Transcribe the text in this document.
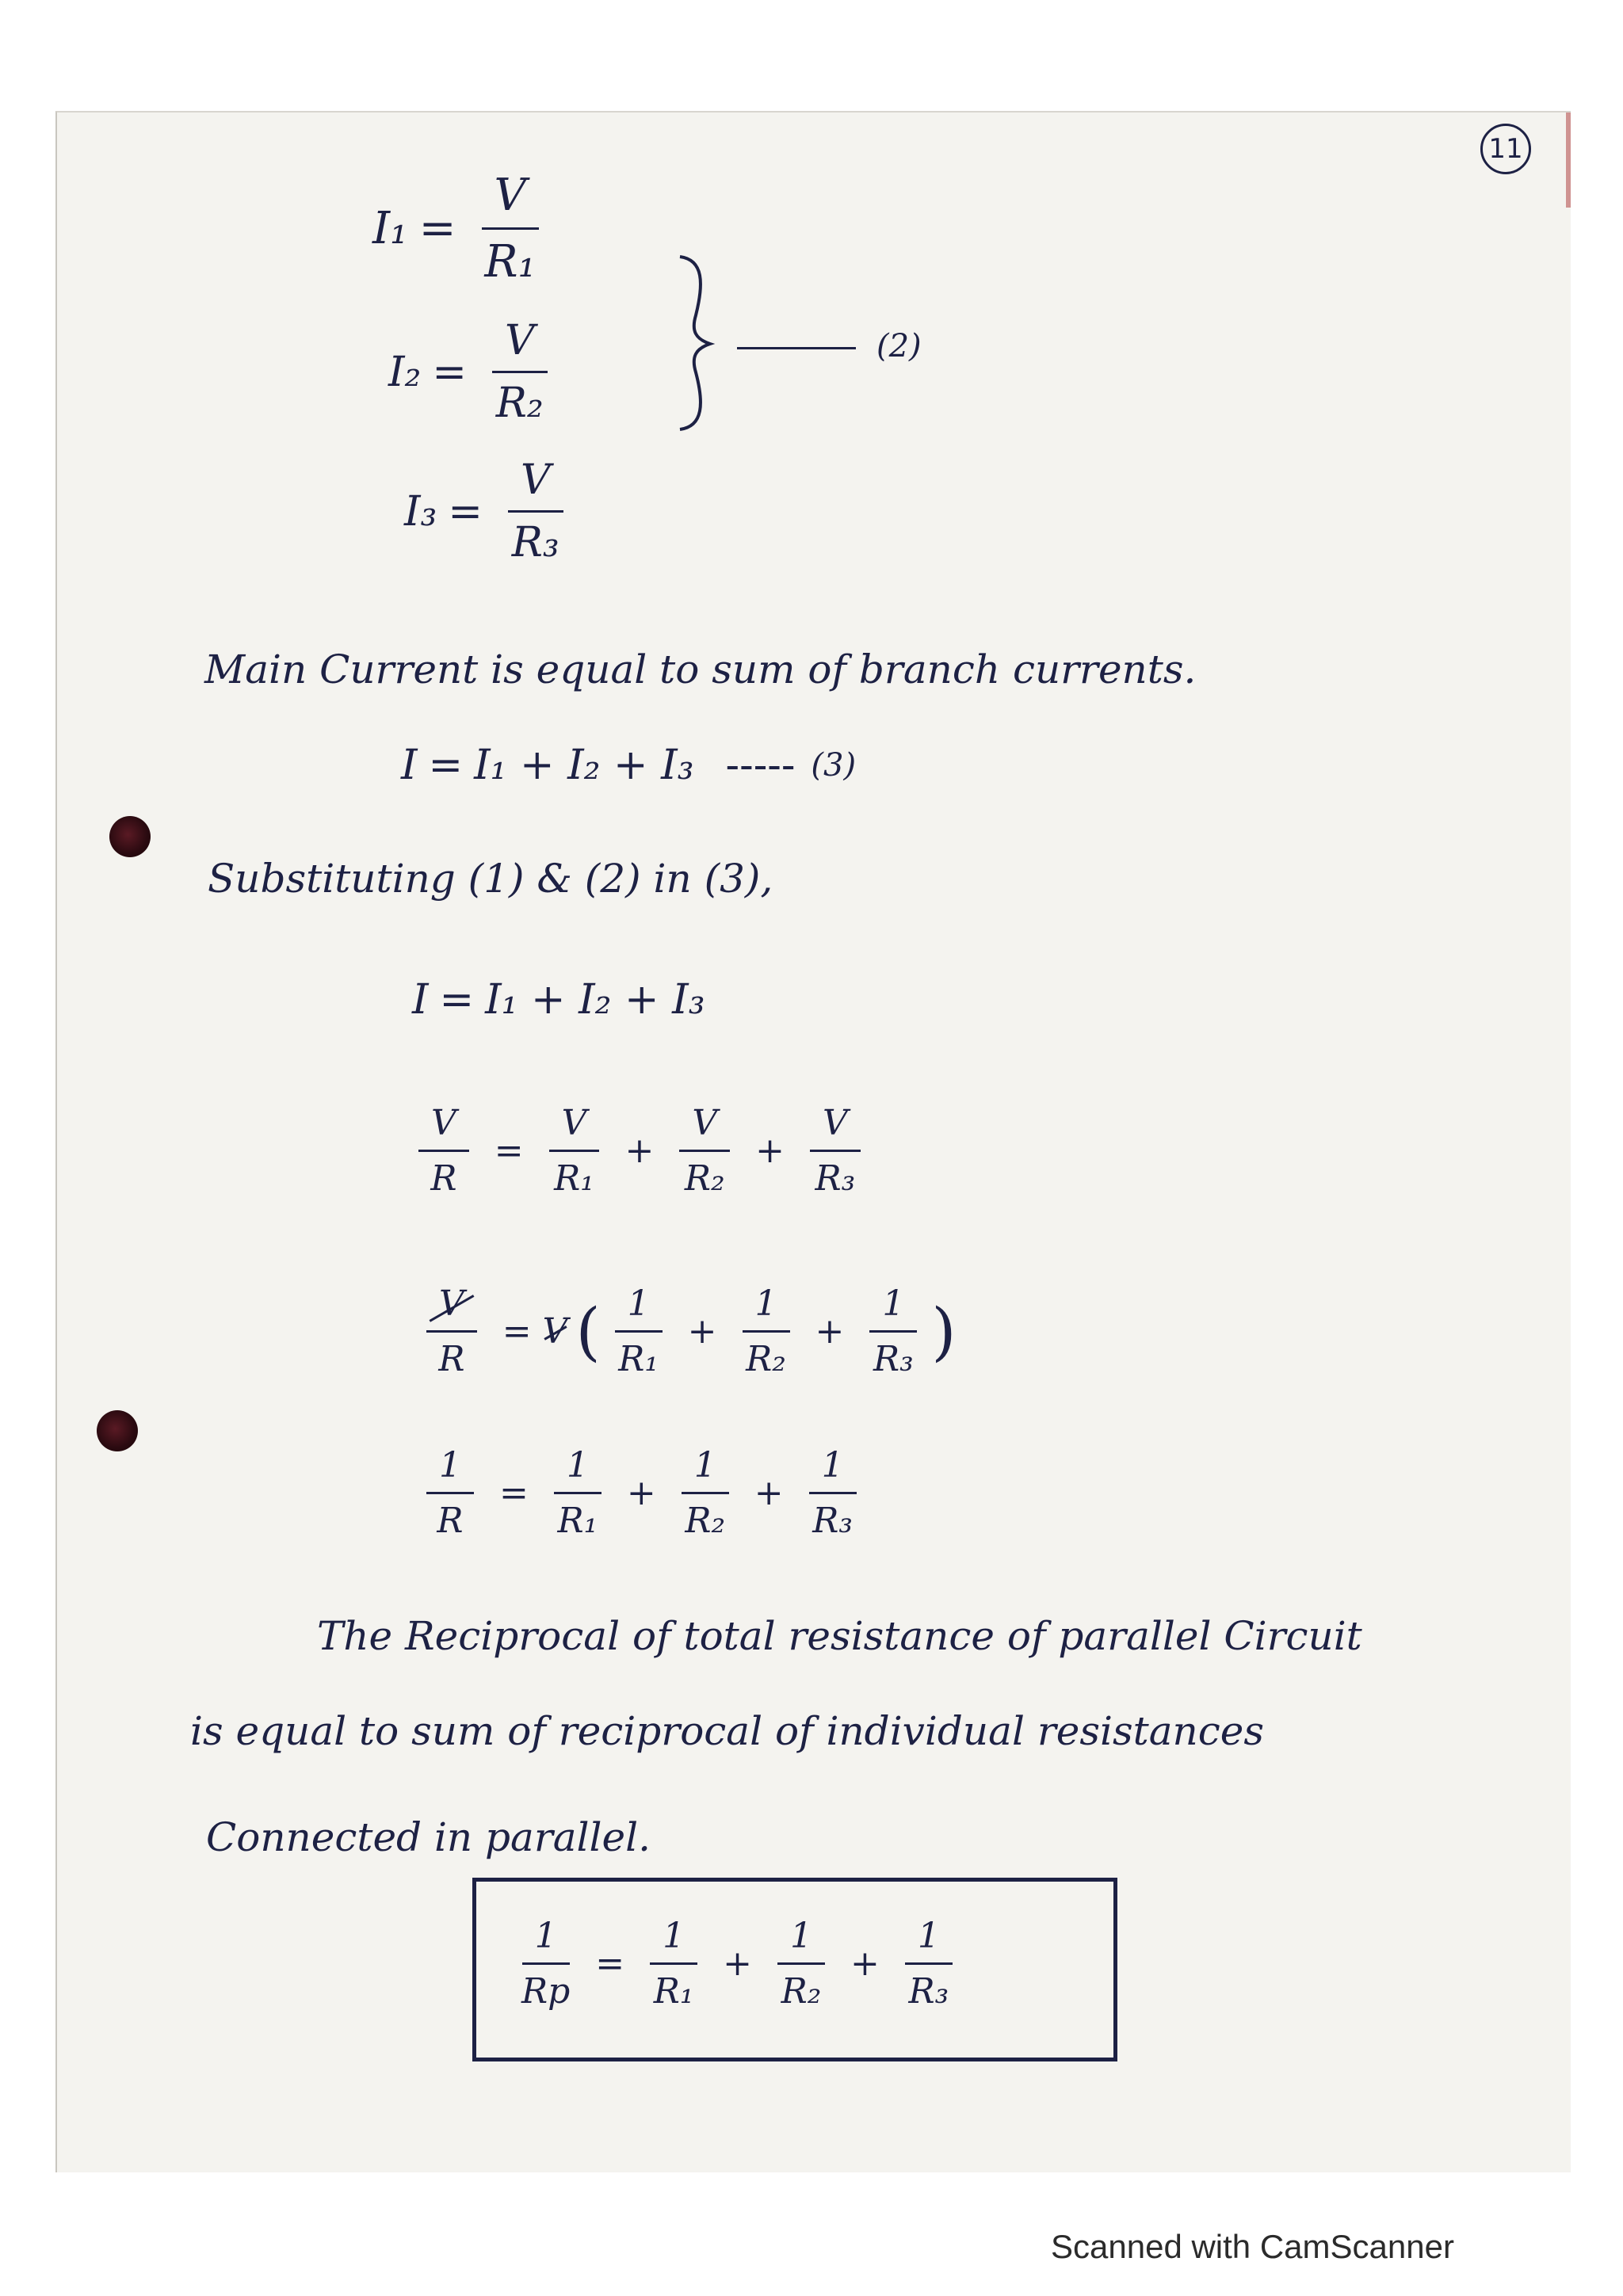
11
$I_1 = \frac{V}{\text{R₁}}$
$I_2 = \frac{V}{\text{R₂}}$
$I_3 = \frac{V}{\text{R₃}}$
(2)
Main Current is equal to sum of branch currents.
I = I₁ + I₂ + I₃ ----- (3)
Substituting (1) & (2) in (3),
I = I₁ + I₂ + I₃
$\frac{V}{R} = \frac{V}{\text{R₁}} + \frac{V}{\text{R₂}} + \frac{V}{\text{R₃}}$
$\frac{V}{R} = V$ ( $\frac{1}{\text{R₁}} + \frac{1}{\text{R₂}} + \frac{1}{\text{R₃}}$ )
$\frac{1}{R} = \frac{1}{\text{R₁}} + \frac{1}{\text{R₂}} + \frac{1}{\text{R₃}}$
The Reciprocal of total resistance of parallel Circuit
is equal to sum of reciprocal of individual resistances
Connected in parallel.
$\frac{1}{Rp} = \frac{1}{\text{R₁}} + \frac{1}{\text{R₂}} + \frac{1}{\text{R₃}}$
Scanned with CamScanner
